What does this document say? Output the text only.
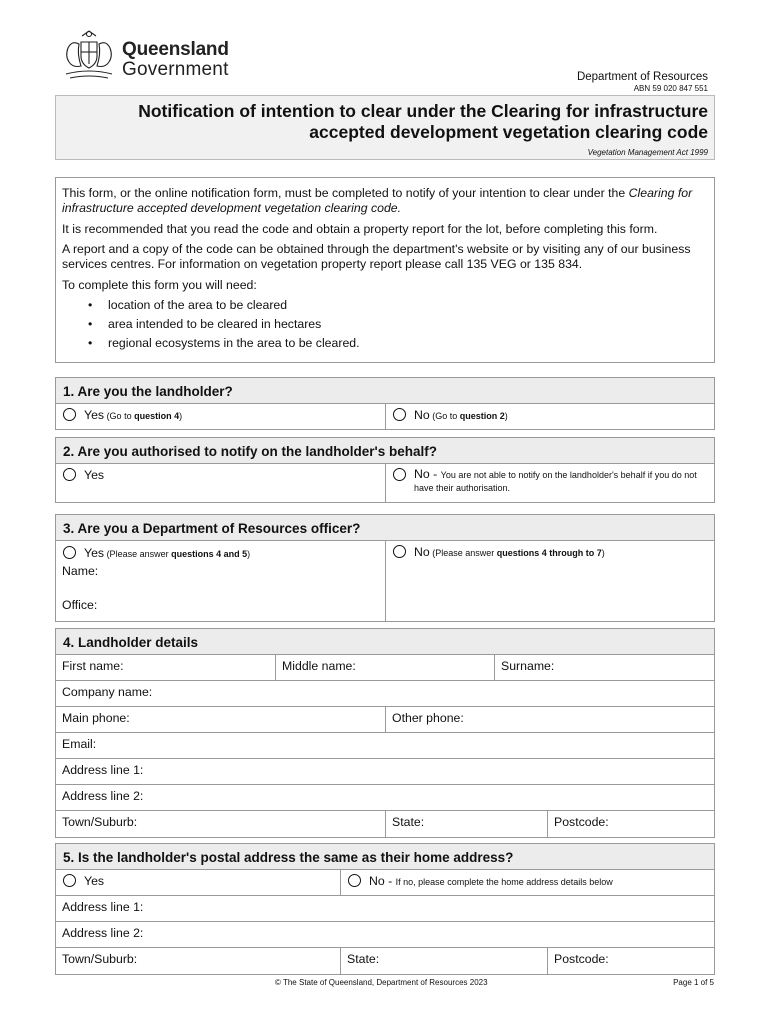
Queensland
Government	Department of Resources
ABN 59 020 847 551
Notification of intention to clear under the Clearing for infrastructure
accepted development vegetation clearing code
Vegetation Management Act 1999

This form, or the online notification form, must be completed to notify of your intention to clear under the Clearing for infrastructure accepted development vegetation clearing code.

It is recommended that you read the code and obtain a property report for the lot, before completing this form.

A report and a copy of the code can be obtained through the department's website or by visiting any of our business services centres. For information on vegetation property report please call 135 VEG or 135 834.

To complete this form you will need:

• location of the area to be cleared
• area intended to be cleared in hectares
• regional ecosystems in the area to be cleared.
1. Are you the landholder?
Yes (Go to question 4)	No (Go to question 2)
2. Are you authorised to notify on the landholder's behalf?
Yes	No - You are not able to notify on the landholder's behalf if you do not have their authorisation.
3. Are you a Department of Resources officer?
Yes (Please answer questions 4 and 5)
Name:
Office:
No (Please answer questions 4 through to 7)
4. Landholder details
First name:	Middle name:	Surname:
Company name:
Main phone:	Other phone:
Email:
Address line 1:
Address line 2:
Town/Suburb:	State:	Postcode:
5. Is the landholder's postal address the same as their home address?
Yes	No - If no, please complete the home address details below
Address line 1:
Address line 2:
Town/Suburb:	State:	Postcode:
© The State of Queensland, Department of Resources 2023	Page 1 of 5
